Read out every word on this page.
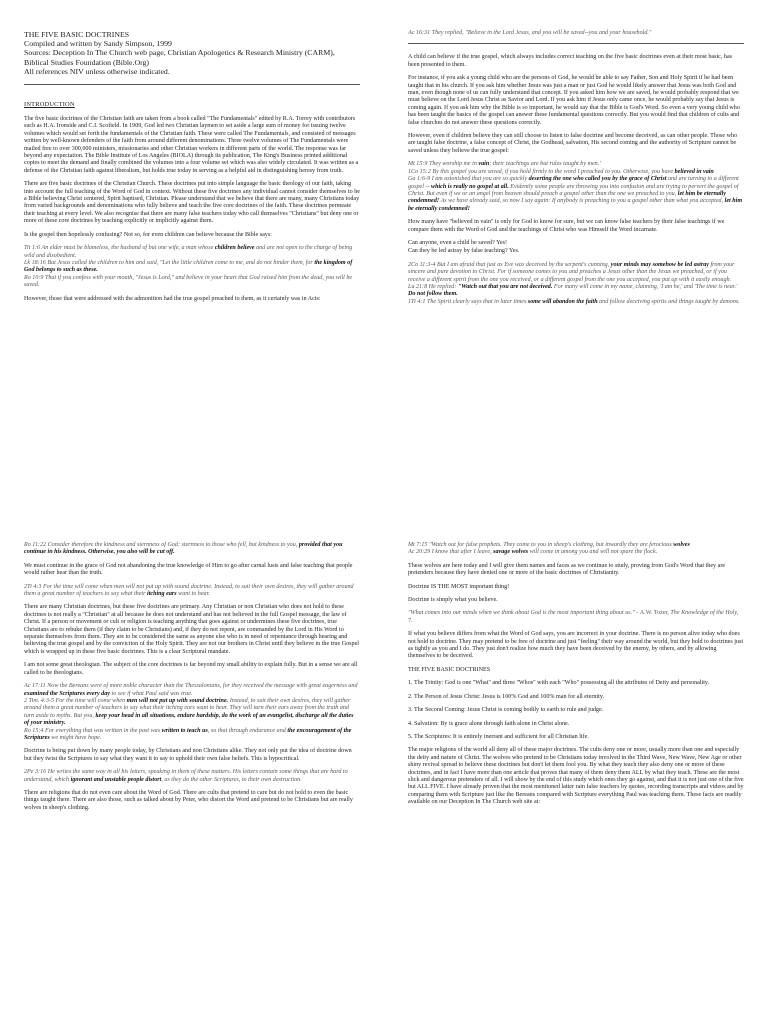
THE FIVE BASIC DOCTRINES

Compiled and written by Sandy Simpson, 1999

Sources: Deception In The Church web page, Christian Apologetics & Research Ministry (CARM),

Biblical Studies Foundation (Bible.Org)

All references NIV unless otherwise indicated.

INTRODUCTION

The five basic doctrines of the Christian faith are taken from a book called "The Fundamentals" edited by R.A. Torrey with contributors such as H.A. Ironside and C.I. Scofield. In 1909, God led two Christian laymen to set aside a large sum of money for issuing twelve volumes which would set forth the fundamentals of the Christian faith. These were called The Fundamentals, and consisted of messages written by well-known defenders of the faith from around different denominations. Three twelve volumes of The Fundamentals were mailed free to over 300,000 ministers, missionaries and other Christian workers in different parts of the world. The response was far beyond any expectation. The Bible Institute of Los Angeles (BIOLA) through its publication, The King's Business printed additional copies to meet the demand and finally combined the volumes into a four volume set which was also widely circulated. It was written as a defense of the Christian faith against liberalism, but holds true today in serving as a helpful aid in distinguishing heresy from truth.

There are five basic doctrines of the Christian Church. These doctrines put into simple language the basic theology of our faith, taking into account the full teaching of the Word of God in context. Without these five doctrines any individual cannot consider themselves to be a Bible believing Christ centered, Spirit baptised, Christian. Please understand that we believe that there are many, many Christians today from varied backgrounds and denominations who fully believe and teach the five core doctrines of the faith. These doctrines permeate their teaching at every level. We also recognise that there are many false teachers today who call themselves "Christians" but deny one or more of these core doctrines by teaching explicitly or implicitly against them.

Is the gospel then hopelessly confusing? Not so, for even children can believe because the Bible says:

Tit 1:6 An elder must be blameless, the husband of but one wife, a man whose children believe and are not open to the charge of being wild and disobedient.
Lk 18:16 But Jesus called the children to him and said, "Let the little children come to me, and do not hinder them, for the kingdom of God belongs to such as these.
Ro 10:9 That if you confess with your mouth, "Jesus is Lord," and believe in your heart that God raised him from the dead, you will be saved.

However, those that were addressed with the admonition had the true gospel preached to them, as it certainly was in Acts:

Ac 16:31 They replied, "Believe in the Lord Jesus, and you will be saved--you and your household."

A child can believe if the true gospel, which always includes correct teaching on the five basic doctrines even at their most basic, has been presented to them.

For instance, if you ask a young child who are the persons of God, he would be able to say Father, Son and Holy Spirit if he had been taught that in his church. If you ask him whether Jesus was just a man or just God he would likely answer that Jesus was both God and man, even though none of us can fully understand that concept. If you asked him how we are saved, he would probably respond that we must believe on the Lord Jesus Christ as Savior and Lord. If you ask him if Jesus only came once, he would probably say that Jesus is coming again. If you ask him why the Bible is so important, he would say that the Bible is God's Word. So even a very young child who has been taught the basics of the gospel can answer these fundamental questions correctly. But you would find that children of cults and false churches do not answer these questions correctly.

However, even if children believe they can still choose to listen to false doctrine and become deceived, as can other people. Those who are taught false doctrine, a false concept of Christ, the Godhead, salvation, His second coming and the authority of Scripture cannot be saved unless they believe the true gospel:

Mt 15:9 They worship me in vain; their teachings are but rules taught by men.'
1Co 15:2 By this gospel you are saved, if you hold firmly to the word I preached to you. Otherwise, you have believed in vain
Ga 1:6-9 I am astonished that you are so quickly deserting the one who called you by the grace of Christ and are turning to a different gospel -- which is really no gospel at all. Evidently some people are throwing you into confusion and are trying to pervert the gospel of Christ. But even if we or an angel from heaven should preach a gospel other than the one we preached to you, let him be eternally condemned! As we have already said, so now I say again: If anybody is preaching to you a gospel other than what you accepted, let him be eternally condemned!

How many have "believed in vain" is only for God to know for sure, but we can know false teachers by their false teachings if we compare them with the Word of God and the teachings of Christ who was Himself the Word incarnate.

Can anyone, even a child be saved? Yes!

Can they be led astray by false teaching? Yes.

2Co 11:3-4 But I am afraid that just as Eve was deceived by the serpent's cunning, your minds may somehow be led astray from your sincere and pure devotion to Christ. For if someone comes to you and preaches a Jesus other than the Jesus we preached, or if you receive a different spirit from the one you received, or a different gospel from the one you accepted, you put up with it easily enough.
Lu 21:8 He replied: "Watch out that you are not deceived. For many will come in my name, claiming, 'I am he,' and 'The time is near.' Do not follow them.
1Ti 4:1 The Spirit clearly says that in later times some will abandon the faith and follow deceiving spirits and things taught by demons.
Ro 11:22 Consider therefore the kindness and sternness of God: sternness to those who fell, but kindness to you, provided that you continue in his kindness. Otherwise, you also will be cut off.

We must continue in the grace of God not abandoning the true knowledge of Him to go after carnal lusts and false teaching that people would rather hear than the truth.

2Ti 4:3 For the time will come when men will not put up with sound doctrine. Instead, to suit their own desires, they will gather around them a great number of teachers to say what their itching ears want to hear.

There are many Christian doctrines, but these five doctrines are primary. Any Christian or non Christian who does not hold to these doctrines is not really a "Christian" at all because he does not understand and has not believed in the full Gospel message, the law of Christ. If a person or movement or cult or religion is teaching anything that goes against or undermines these five doctrines, true Christians are to rebuke them (if they claim to be Christians) and, if they do not repent, are commanded by the Lord in His Word to separate themselves from them. They are to be considered the same as anyone else who is in need of repentance through hearing and believing the true gospel and by the conviction of the Holy Spirit. They are not our brothers in Christ until they believe in the true Gospel which is wrapped up in these five basic doctrines. This is a clear Scriptural mandate.

I am not some great theologian. The subject of the core doctrines is far beyond my small ability to explain fully. But in a sense we are all called to be theologians.

Ac 17:11 Now the Bereans were of more noble character than the Thessalonians, for they received the message with great eagerness and examined the Scriptures every day to see if what Paul said was true.
2 Tim. 4:3-5 For the time will come when men will not put up with sound doctrine. Instead, to suit their own desires, they will gather around them a great number of teachers to say what their itching ears want to hear. They will turn their ears away from the truth and turn aside to myths. But you, keep your head in all situations, endure hardship, do the work of an evangelist, discharge all the duties of your ministry.
Ro 15:4 For everything that was written in the past was written to teach us, so that through endurance and the encouragement of the Scriptures we might have hope.

Doctrine is being put down by many people today, by Christians and non Christians alike. They not only put the idea of doctrine down but they twist the Scriptures to say what they want it to say to uphold their own false beliefs. This is hypocritical.

2Pe 3:16 He writes the same way in all his letters, speaking in them of these matters. His letters contain some things that are hard to understand, which ignorant and unstable people distort, as they do the other Scriptures, to their own destruction.

There are religions that do not even care about the Word of God. There are cults that pretend to care but do not hold to even the basic things taught there. There are also those, such as talked about by Peter, who distort the Word and pretend to be Christians but are really wolves in sheep's clothing.

Mt 7:15 "Watch out for false prophets. They come to you in sheep's clothing, but inwardly they are ferocious wolves
Ac 20:29 I know that after I leave, savage wolves will come in among you and will not spare the flock.

These wolves are here today and I will give them names and faces as we continue to study, proving from God's Word that they are pretenders because they have denied one or more of the basic doctrines of Christianity.

Doctrine IS THE MOST important thing!

Doctrine is simply what you believe.

"What comes into our minds when we think about God is the most important thing about us." - A.W. Tozer, The Knowledge of the Holy, 7.

If what you believe differs from what the Word of God says, you are incorrect in your doctrine. There is no person alive today who does not hold to doctrine. They may pretend to be free of doctrine and just "feeling" their way around the world, but they hold to doctrines just as tightly as you and I do. They just don't realize how much they have been deceived by the enemy, by others, and by allowing themselves to be deceived.

THE FIVE BASIC DOCTRINES

1. The Trinity: God is one "What" and three "Whos" with each "Who" possessing all the attributes of Deity and personality.

2. The Person of Jesus Christ: Jesus is 100% God and 100% man for all eternity.

3. The Second Coming: Jesus Christ is coming bodily to earth to rule and judge.

4. Salvation: By is grace alone through faith alone in Christ alone.

5. The Scriptures: It is entirely inerrant and sufficient for all Christian life.

The major religions of the world all deny all of these major doctrines. The cults deny one or more, usually more than one and especially the deity and nature of Christ. The wolves who pretend to be Christians today involved in the Third Wave, New Wave, New Age or other shiny revival spread to believe these doctrines but don't let them fool you. By what they teach they also deny one or more of these doctrines, and in fact I have more than one article that proves that many of them deny them ALL by what they teach. These are the most slick and dangerous pretenders of all. I will show by the end of this study which ones they go against, and that it is not just one of the five but ALL FIVE. I have already proven that the most mentioned latter rain false teachers by quotes, recording transcripts and videos and by comparing them with Scripture just like the Bereans compared with Scripture everything Paul was teaching them. These facts are readily available on our Deception In The Church web site at:
